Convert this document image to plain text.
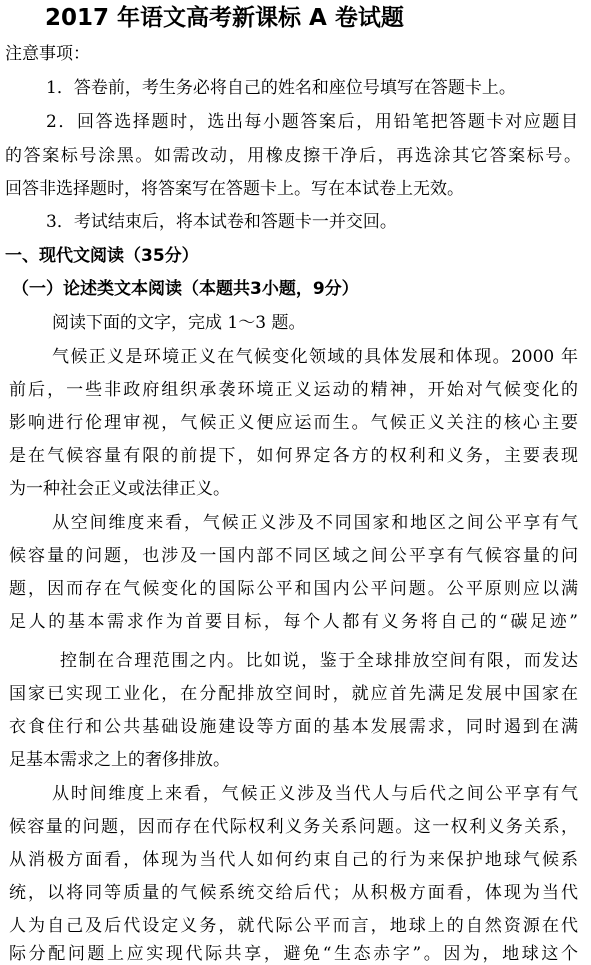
2017 年语文高考新课标 A 卷试题
注意事项：
1．答卷前，考生务必将自己的姓名和座位号填写在答题卡上。
2．回答选择题时，选出每小题答案后，用铅笔把答题卡对应题目
的答案标号涂黑。如需改动，用橡皮擦干净后，再选涂其它答案标号。
回答非选择题时，将答案写在答题卡上。写在本试卷上无效。
3．考试结束后，将本试卷和答题卡一并交回。
一、现代文阅读（35分）
（一）论述类文本阅读（本题共3小题，9分）
阅读下面的文字，完成 1～3 题。
气候正义是环境正义在气候变化领域的具体发展和体现。2000 年
前后，一些非政府组织承袭环境正义运动的精神，开始对气候变化的
影响进行伦理审视，气候正义便应运而生。气候正义关注的核心主要
是在气候容量有限的前提下，如何界定各方的权利和义务，主要表现
为一种社会正义或法律正义。
从空间维度来看，气候正义涉及不同国家和地区之间公平享有气
候容量的问题，也涉及一国内部不同区域之间公平享有气候容量的问
题，因而存在气候变化的国际公平和国内公平问题。公平原则应以满
足人的基本需求作为首要目标，每个人都有义务将自己的“碳足迹”
控制在合理范围之内。比如说，鉴于全球排放空间有限，而发达
国家已实现工业化，在分配排放空间时，就应首先满足发展中国家在
衣食住行和公共基础设施建设等方面的基本发展需求，同时遏到在满
足基本需求之上的奢侈排放。
从时间维度上来看，气候正义涉及当代人与后代之间公平享有气
候容量的问题，因而存在代际权利义务关系问题。这一权利义务关系，
从消极方面看，体现为当代人如何约束自己的行为来保护地球气候系
统，以将同等质量的气候系统交给后代；从积极方面看，体现为当代
人为自己及后代设定义务，就代际公平而言，地球上的自然资源在代
际分配问题上应实现代际共享，避免“生态赤字”。因为，地球这个
